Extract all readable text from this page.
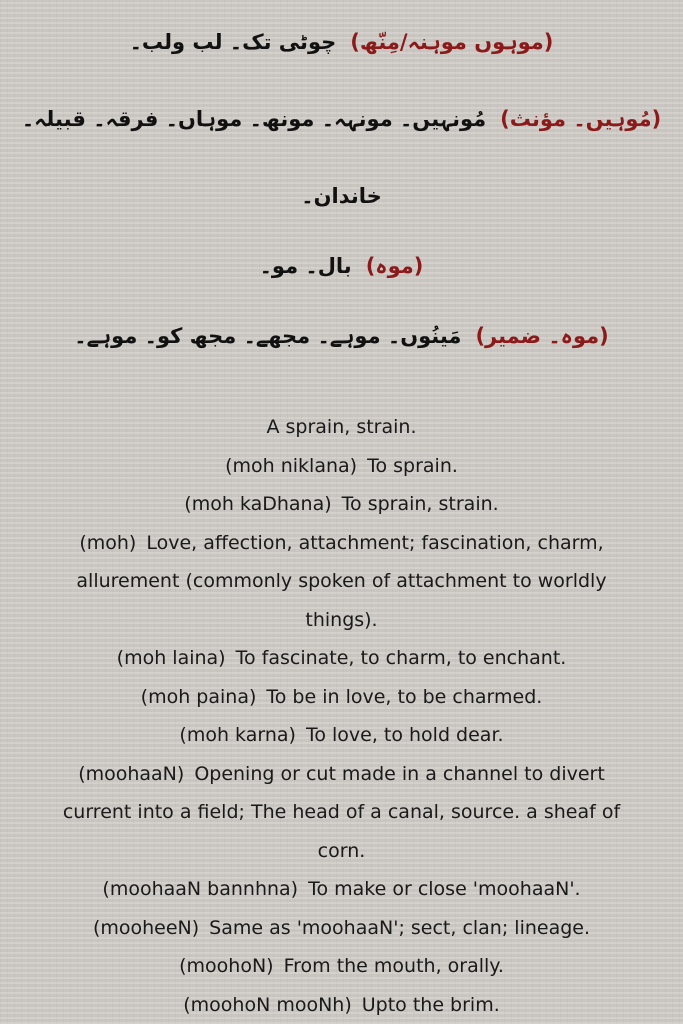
(موہوں موہنہ/مِنّھ)چوٹی تک۔ لب ولب۔
(مُوہیں۔ مؤنث)مُونہیں۔ مونہہ۔ مونھ۔ موہاں۔ فرقہ۔ قبیلہ۔
خاندان۔
(موہ)بال۔ مو۔
(موہ۔ ضمیر)مَینُوں۔ موہے۔ مجھے۔ مجھ کو۔ موہے۔

A sprain, strain.

(moh niklana) To sprain.

(moh kaDhana) To sprain, strain.

(moh) Love, affection, attachment; fascination, charm,

allurement (commonly spoken of attachment to worldly

things).

(moh laina) To fascinate, to charm, to enchant.

(moh paina) To be in love, to be charmed.

(moh karna) To love, to hold dear.

(moohaaN) Opening or cut made in a channel to divert

current into a field; The head of a canal, source. a sheaf of

corn.

(moohaaN bannhna) To make or close 'moohaaN'.

(mooheeN) Same as 'moohaaN'; sect, clan; lineage.

(moohoN) From the mouth, orally.

(moohoN mooNh) Upto the brim.
